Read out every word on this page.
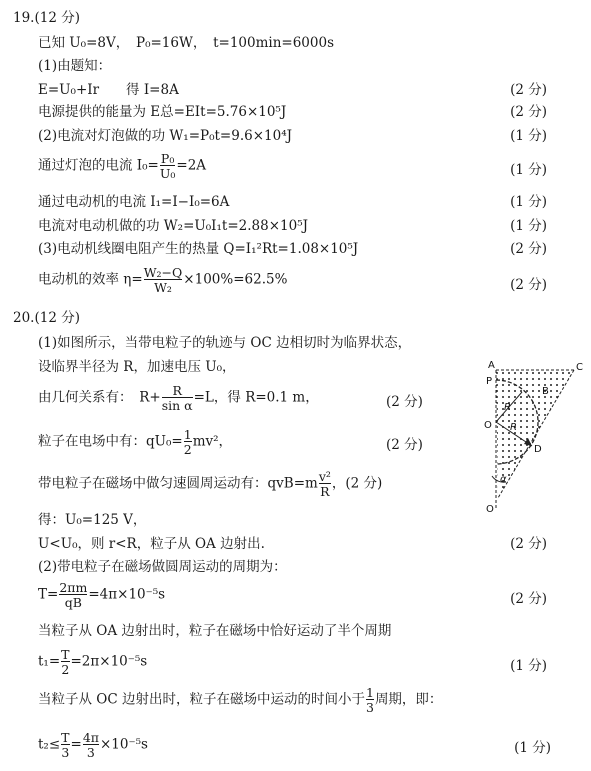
19.(12 分)
已知 U₀=8V，　P₀=16W，　t=100min=6000s
(1)由题知：
E=U₀+Ir　　得 I=8A	(2 分)
电源提供的能量为 E总=EIt=5.76×10⁵J	(2 分)
(2)电流对灯泡做的功 W₁=P₀t=9.6×10⁴J	(1 分)
通过灯泡的电流 $I_0= \frac{\text{P₀}}{\text{U₀}} =2A$	(1 分)
通过电动机的电流 I₁=I−I₀=6A	(1 分)
电流对电动机做的功 W₂=U₀I₁t=2.88×10⁵J	(1 分)
(3)电动机线圈电阻产生的热量 Q=I₁²Rt=1.08×10⁵J	(2 分)
电动机的效率 $\eta= \frac{\text{W₂−Q}}{\text{W₂}} \times 100\%=62.5\%$	(2 分)
20.(12 分)
(1)如图所示，当带电粒子的轨迹与 OC 边相切时为临界状态，
设临界半径为 R，加速电压 U₀，
由几何关系有：　$R+ \frac{R}{\text{sin α}} =L$，得 R=0.1 m，	(2 分)
粒子在电场中有：$qU_0= \frac{1}{2} mv^2$，	(2 分)
带电粒子在磁场中做匀速圆周运动有：$qvB=m \frac{\text{v²}}{R}$ ，(2 分)
得：U₀=125 V，
U<U₀，则 r<R，粒子从 OA 边射出.	(2 分)
(2)带电粒子在磁场做圆周运动的周期为：
$T= \frac{2\pi m}{qB} =4\pi\times 10^{-5}s$	(2 分)
当粒子从 OA 边射出时，粒子在磁场中恰好运动了半个周期
$t_1= \frac{T}{2} =2\pi\times 10^{-5}s$	(1 分)
当粒子从 OC 边射出时，粒子在磁场中运动的时间小于 $\frac{1}{3}$ 周期，即：
$t_2\le \frac{T}{3} = \frac{4\pi}{3} \times 10^{-5}s$	(1 分)
A	C
P
B
R
O R
D
α
O
